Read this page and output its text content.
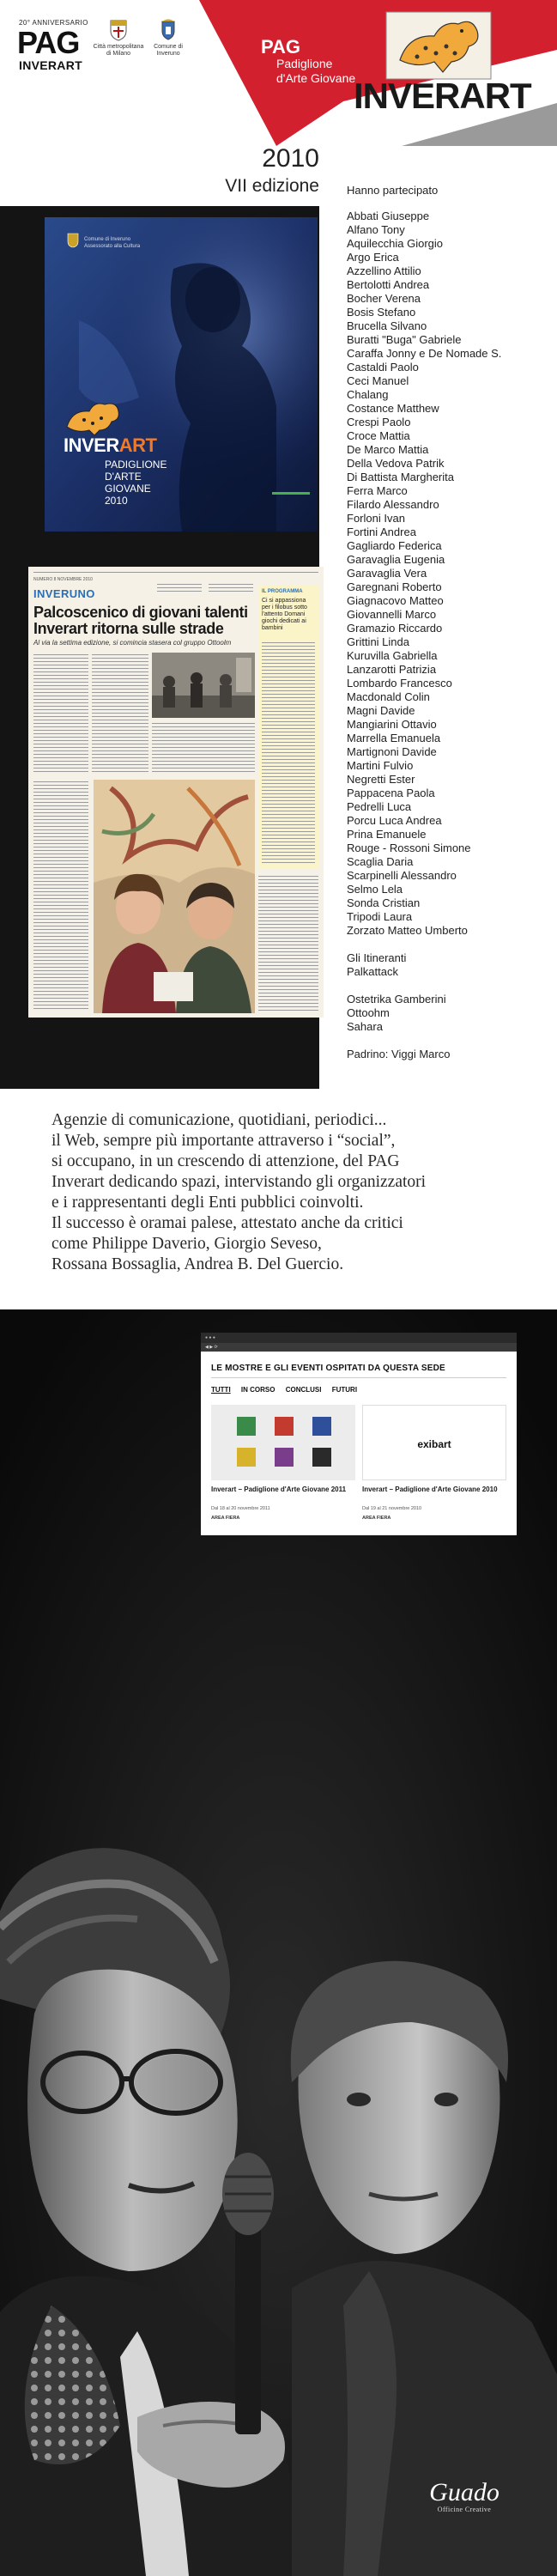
20° ANNIVERSARIO
PAG
INVERART
Città metropolitana di Milano
Comune di Inveruno	PAG
Padiglione
d'Arte Giovane
INVERART
2010
VII edizione
Comune di Inveruno
Assessorato alla Cultura
INVERART
PADIGLIONE
D'ARTE
GIOVANE
2010
NUMERO 8 NOVEMBRE 2010
INVERUNO
Palcoscenico di giovani talenti Inverart ritorna sulle strade
Al via la settima edizione, si comincia stasera col gruppo Ottoolm
IL PROGRAMMA
Ci si appassiona per i filobus sotto l'attento Domani giochi dedicati ai bambini
Hanno partecipato
Abbati Giuseppe
Alfano Tony
Aquilecchia Giorgio
Argo Erica
Azzellino Attilio
Bertolotti Andrea
Bocher Verena
Bosis Stefano
Brucella Silvano
Buratti "Buga" Gabriele
Caraffa Jonny e De Nomade S.
Castaldi Paolo
Ceci Manuel
Chalang
Costance Matthew
Crespi Paolo
Croce Mattia
De Marco Mattia
Della Vedova Patrik
Di Battista Margherita
Ferra Marco
Filardo Alessandro
Forloni Ivan
Fortini Andrea
Gagliardo Federica
Garavaglia Eugenia
Garavaglia Vera
Garegnani Roberto
Giagnacovo Matteo
Giovannelli Marco
Gramazio Riccardo
Grittini Linda
Kuruvilla Gabriella
Lanzarotti Patrizia
Lombardo Francesco
Macdonald Colin
Magni Davide
Mangiarini Ottavio
Marrella Emanuela
Martignoni Davide
Martini Fulvio
Negretti Ester
Pappacena Paola
Pedrelli Luca
Porcu Luca Andrea
Prina Emanuele
Rouge - Rossoni Simone
Scaglia Daria
Scarpinelli Alessandro
Selmo Lela
Sonda Cristian
Tripodi Laura
Zorzato Matteo Umberto
Gli Itineranti
Palkattack
Ostetrika Gamberini
Ottoohm
Sahara
Padrino: Viggi Marco
Agenzie di comunicazione, quotidiani, periodici...
il Web, sempre più importante attraverso i “social”,
si occupano, in un crescendo di attenzione, del PAG
Inverart dedicando spazi, intervistando gli organizzatori
e i rappresentanti degli Enti pubblici coinvolti.
Il successo è oramai palese, attestato anche da critici
come Philippe Daverio, Giorgio Seveso,
Rossana Bossaglia, Andrea B. Del Guercio.
● ● ●
◀ ▶ ⟳
LE MOSTRE E GLI EVENTI OSPITATI DA QUESTA SEDE
TUTTI IN CORSO CONCLUSI FUTURI
exibart
Inverart – Padiglione d'Arte Giovane 2011
Dal 18 al 20 novembre 2011
AREA FIERA
Inverart – Padiglione d'Arte Giovane 2010
Dal 19 al 21 novembre 2010
AREA FIERA
Guado
Officine Creative
